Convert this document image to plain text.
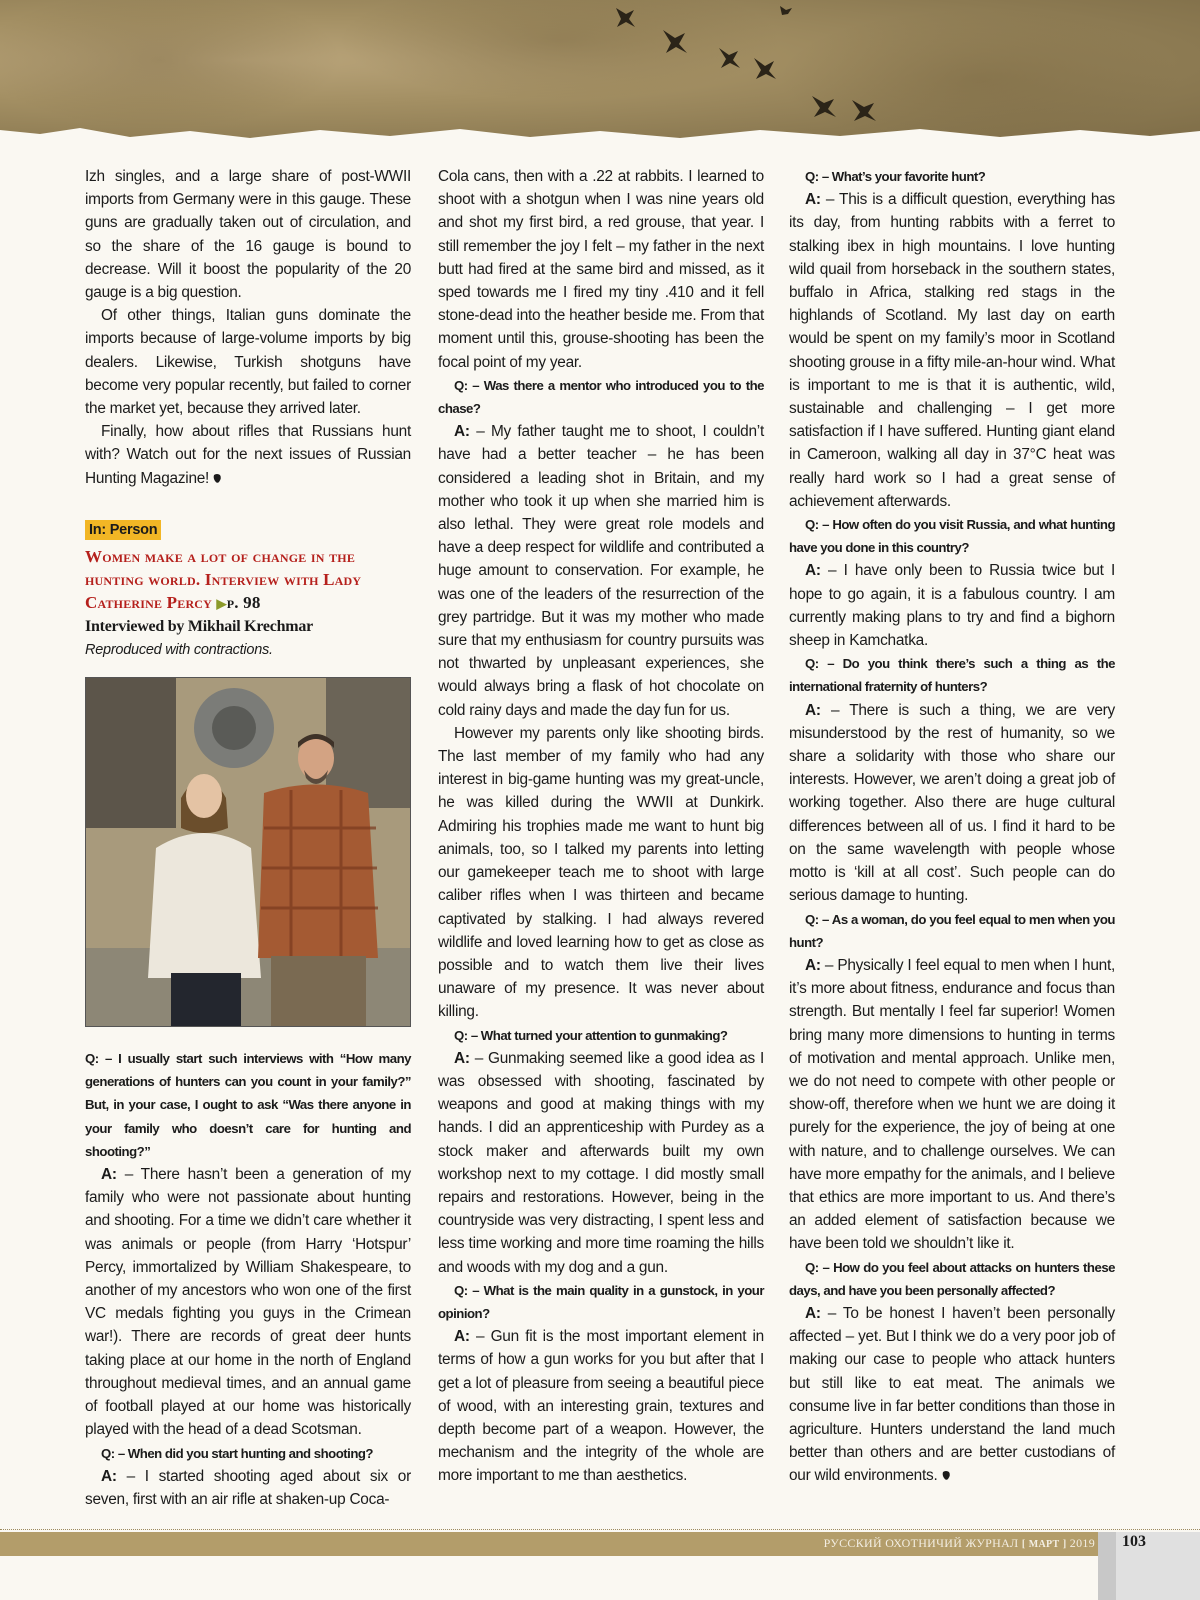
Izh singles, and a large share of post-WWII imports from Germany were in this gauge. These guns are gradually taken out of circulation, and so the share of the 16 gauge is bound to decrease. Will it boost the popularity of the 20 gauge is a big question.

Of other things, Italian guns dominate the imports because of large-volume imports by big dealers. Likewise, Turkish shotguns have become very popular recently, but failed to corner the market yet, because they arrived later.

Finally, how about rifles that Russians hunt with? Watch out for the next issues of Russian Hunting Magazine!

In: Person
Women make a lot of change in the hunting world. Interview with Lady Catherine Percy ▶p. 98
Interviewed by Mikhail Krechmar
Reproduced with contractions.

Q: – I usually start such interviews with “How many generations of hunters can you count in your family?” But, in your case, I ought to ask “Was there anyone in your family who doesn’t care for hunting and shooting?”

A: – There hasn’t been a generation of my family who were not passionate about hunting and shooting. For a time we didn’t care whether it was animals or people (from Harry ‘Hotspur’ Percy, immortalized by William Shakespeare, to another of my ancestors who won one of the first VC medals fighting you guys in the Crimean war!). There are records of great deer hunts taking place at our home in the north of England throughout medieval times, and an annual game of football played at our home was historically played with the head of a dead Scotsman.

Q: – When did you start hunting and shooting?

A: – I started shooting aged about six or seven, first with an air rifle at shaken-up Coca-

Cola cans, then with a .22 at rabbits. I learned to shoot with a shotgun when I was nine years old and shot my first bird, a red grouse, that year. I still remember the joy I felt – my father in the next butt had fired at the same bird and missed, as it sped towards me I fired my tiny .410 and it fell stone-dead into the heather beside me. From that moment until this, grouse-shooting has been the focal point of my year.

Q: – Was there a mentor who introduced you to the chase?

A: – My father taught me to shoot, I couldn’t have had a better teacher – he has been considered a leading shot in Britain, and my mother who took it up when she married him is also lethal. They were great role models and have a deep respect for wildlife and contributed a huge amount to conservation. For example, he was one of the leaders of the resurrection of the grey partridge. But it was my mother who made sure that my enthusiasm for country pursuits was not thwarted by unpleasant experiences, she would always bring a flask of hot chocolate on cold rainy days and made the day fun for us.

However my parents only like shooting birds. The last member of my family who had any interest in big-game hunting was my great-uncle, he was killed during the WWII at Dunkirk. Admiring his trophies made me want to hunt big animals, too, so I talked my parents into letting our gamekeeper teach me to shoot with large caliber rifles when I was thirteen and became captivated by stalking. I had always revered wildlife and loved learning how to get as close as possible and to watch them live their lives unaware of my presence. It was never about killing.

Q: – What turned your attention to gunmaking?

A: – Gunmaking seemed like a good idea as I was obsessed with shooting, fascinated by weapons and good at making things with my hands. I did an apprenticeship with Purdey as a stock maker and afterwards built my own workshop next to my cottage. I did mostly small repairs and restorations. However, being in the countryside was very distracting, I spent less and less time working and more time roaming the hills and woods with my dog and a gun.

Q: – What is the main quality in a gunstock, in your opinion?

A: – Gun fit is the most important element in terms of how a gun works for you but after that I get a lot of pleasure from seeing a beautiful piece of wood, with an interesting grain, textures and depth become part of a weapon. However, the mechanism and the integrity of the whole are more important to me than aesthetics.

Q: – What’s your favorite hunt?

A: – This is a difficult question, everything has its day, from hunting rabbits with a ferret to stalking ibex in high mountains. I love hunting wild quail from horseback in the southern states, buffalo in Africa, stalking red stags in the highlands of Scotland. My last day on earth would be spent on my family’s moor in Scotland shooting grouse in a fifty mile-an-hour wind. What is important to me is that it is authentic, wild, sustainable and challenging – I get more satisfaction if I have suffered. Hunting giant eland in Cameroon, walking all day in 37°C heat was really hard work so I had a great sense of achievement afterwards.

Q: – How often do you visit Russia, and what hunting have you done in this country?

A: – I have only been to Russia twice but I hope to go again, it is a fabulous country. I am currently making plans to try and find a bighorn sheep in Kamchatka.

Q: – Do you think there’s such a thing as the international fraternity of hunters?

A: – There is such a thing, we are very misunderstood by the rest of humanity, so we share a solidarity with those who share our interests. However, we aren’t doing a great job of working together. Also there are huge cultural differences between all of us. I find it hard to be on the same wavelength with people whose motto is ‘kill at all cost’. Such people can do serious damage to hunting.

Q: – As a woman, do you feel equal to men when you hunt?

A: – Physically I feel equal to men when I hunt, it’s more about fitness, endurance and focus than strength. But mentally I feel far superior! Women bring many more dimensions to hunting in terms of motivation and mental approach. Unlike men, we do not need to compete with other people or show-off, therefore when we hunt we are doing it purely for the experience, the joy of being at one with nature, and to challenge ourselves. We can have more empathy for the animals, and I believe that ethics are more important to us. And there’s an added element of satisfaction because we have been told we shouldn’t like it.

Q: – How do you feel about attacks on hunters these days, and have you been personally affected?

A: – To be honest I haven’t been personally affected – yet. But I think we do a very poor job of making our case to people who attack hunters but still like to eat meat. The animals we consume live in far better conditions than those in agriculture. Hunters understand the land much better than others and are better custodians of our wild environments.

РУССКИЙ ОХОТНИЧИЙ ЖУРНАЛ [ МАРТ ] 2019 103
